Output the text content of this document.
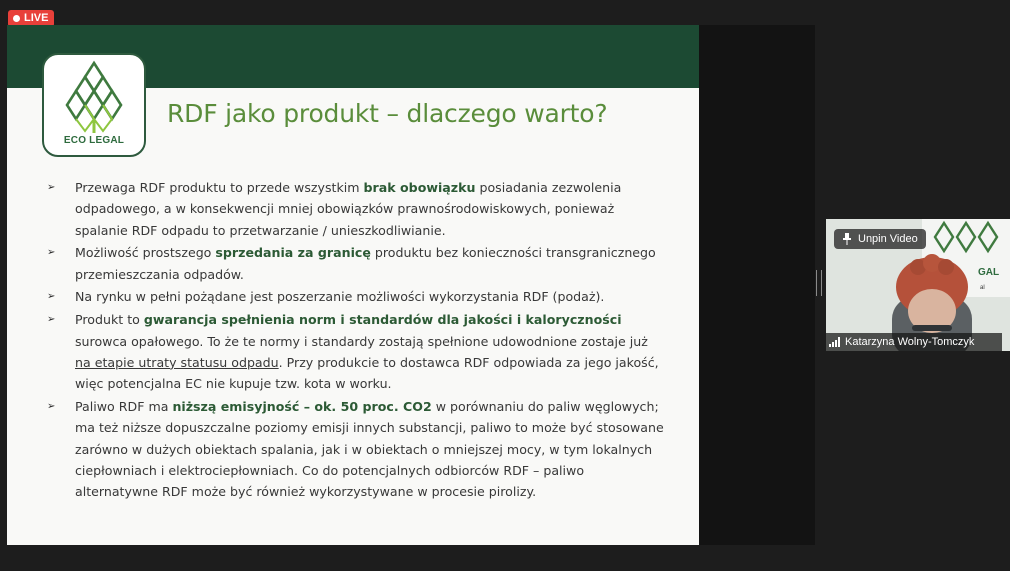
LIVE
ECO LEGAL
RDF jako produkt – dlaczego warto?
➢ Przewaga RDF produktu to przede wszystkim brak obowiązku posiadania zezwolenia odpadowego, a w konsekwencji mniej obowiązków prawnośrodowiskowych, ponieważ spalanie RDF odpadu to przetwarzanie / unieszkodliwianie.
➢ Możliwość prostszego sprzedania za granicę produktu bez konieczności transgranicznego przemieszczania odpadów.
➢ Na rynku w pełni pożądane jest poszerzanie możliwości wykorzystania RDF (podaż).
➢ Produkt to gwarancja spełnienia norm i standardów dla jakości i kaloryczności surowca opałowego. To że te normy i standardy zostają spełnione udowodnione zostaje już na etapie utraty statusu odpadu. Przy produkcie to dostawca RDF odpowiada za jego jakość, więc potencjalna EC nie kupuje tzw. kota w worku.
➢ Paliwo RDF ma niższą emisyjność – ok. 50 proc. CO2 w porównaniu do paliw węglowych; ma też niższe dopuszczalne poziomy emisji innych substancji, paliwo to może być stosowane zarówno w dużych obiektach spalania, jak i w obiektach o mniejszej mocy, w tym lokalnych ciepłowniach i elektrociepłowniach. Co do potencjalnych odbiorców RDF – paliwo alternatywne RDF może być również wykorzystywane w procesie pirolizy.
GAL
al
Unpin Video
Katarzyna Wolny-Tomczyk
